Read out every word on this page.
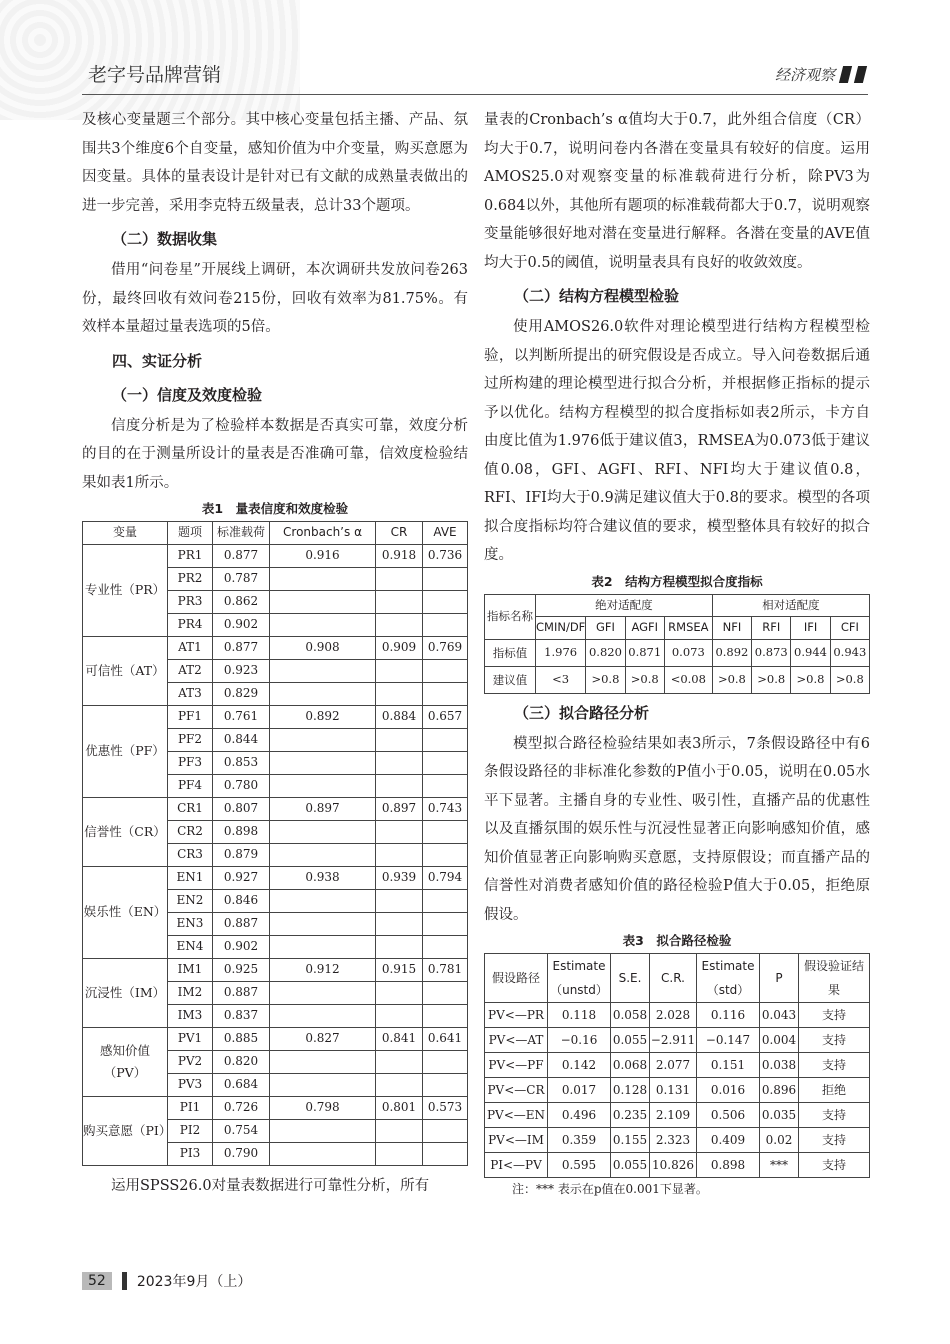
老字号品牌营销	经济观察

及核心变量题三个部分。其中核心变量包括主播、产品、氛围共3个维度6个自变量，感知价值为中介变量，购买意愿为因变量。具体的量表设计是针对已有文献的成熟量表做出的进一步完善，采用李克特五级量表，总计33个题项。

（二）数据收集

借用“问卷星”开展线上调研，本次调研共发放问卷263份，最终回收有效问卷215份，回收有效率为81.75%。有效样本量超过量表选项的5倍。

四、实证分析
（一）信度及效度检验

信度分析是为了检验样本数据是否真实可靠，效度分析的目的在于测量所设计的量表是否准确可靠，信效度检验结果如表1所示。

表1　量表信度和效度检验
变量	题项	标准载荷	Cronbach’s α	CR	AVE
专业性（PR）	PR1	0.877	0.916	0.918	0.736
	PR2	0.787			
	PR3	0.862			
	PR4	0.902			
可信性（AT）	AT1	0.877	0.908	0.909	0.769
	AT2	0.923			
	AT3	0.829			
优惠性（PF）	PF1	0.761	0.892	0.884	0.657
	PF2	0.844			
	PF3	0.853			
	PF4	0.780			
信誉性（CR）	CR1	0.807	0.897	0.897	0.743
	CR2	0.898			
	CR3	0.879			
娱乐性（EN）	EN1	0.927	0.938	0.939	0.794
	EN2	0.846			
	EN3	0.887			
	EN4	0.902			
沉浸性（IM）	IM1	0.925	0.912	0.915	0.781
	IM2	0.887			
	IM3	0.837			
感知价值（PV）	PV1	0.885	0.827	0.841	0.641
	PV2	0.820			
	PV3	0.684			
购买意愿（PI）	PI1	0.726	0.798	0.801	0.573
	PI2	0.754			
	PI3	0.790			

运用SPSS26.0对量表数据进行可靠性分析，所有

量表的Cronbach’s α值均大于0.7，此外组合信度（CR）均大于0.7，说明问卷内各潜在变量具有较好的信度。运用AMOS25.0对观察变量的标准载荷进行分析，除PV3为0.684以外，其他所有题项的标准载荷都大于0.7，说明观察变量能够很好地对潜在变量进行解释。各潜在变量的AVE值均大于0.5的阈值，说明量表具有良好的收敛效度。

（二）结构方程模型检验

使用AMOS26.0软件对理论模型进行结构方程模型检验，以判断所提出的研究假设是否成立。导入问卷数据后通过所构建的理论模型进行拟合分析，并根据修正指标的提示予以优化。结构方程模型的拟合度指标如表2所示，卡方自由度比值为1.976低于建议值3，RMSEA为0.073低于建议值0.08，GFI、AGFI、RFI、NFI均大于建议值0.8， RFI、IFI均大于0.9满足建议值大于0.8的要求。模型的各项拟合度指标均符合建议值的要求，模型整体具有较好的拟合度。

表2　结构方程模型拟合度指标
指标名称	绝对适配度				相对适配度			
	CMIN/DF	GFI	AGFI	RMSEA	NFI	RFI	IFI	CFI
指标值	1.976	0.820	0.871	0.073	0.892	0.873	0.944	0.943
建议值	<3	>0.8	>0.8	<0.08	>0.8	>0.8	>0.8	>0.8
（三）拟合路径分析

模型拟合路径检验结果如表3所示，7条假设路径中有6条假设路径的非标准化参数的P值小于0.05，说明在0.05水平下显著。主播自身的专业性、吸引性，直播产品的优惠性以及直播氛围的娱乐性与沉浸性显著正向影响感知价值，感知价值显著正向影响购买意愿，支持原假设；而直播产品的信誉性对消费者感知价值的路径检验P值大于0.05，拒绝原假设。

表3　拟合路径检验
假设路径	Estimate（unstd）	S.E.	C.R.	Estimate（std）	P	假设验证结果
PV<—PR	0.118	0.058	2.028	0.116	0.043	支持
PV<—AT	−0.16	0.055	−2.911	−0.147	0.004	支持
PV<—PF	0.142	0.068	2.077	0.151	0.038	支持
PV<—CR	0.017	0.128	0.131	0.016	0.896	拒绝
PV<—EN	0.496	0.235	2.109	0.506	0.035	支持
PV<—IM	0.359	0.155	2.323	0.409	0.02	支持
PI<—PV	0.595	0.055	10.826	0.898	***	支持
注：*** 表示在p值在0.001下显著。
52	2023年9月（上）
